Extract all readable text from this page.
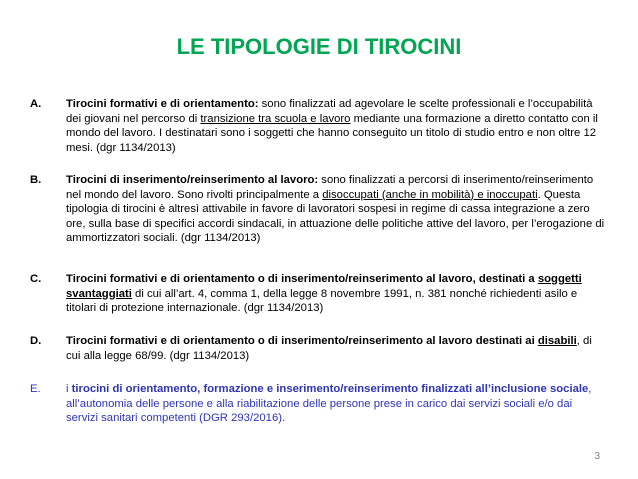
LE TIPOLOGIE DI TIROCINI
A. Tirocini formativi e di orientamento: sono finalizzati ad agevolare le scelte professionali e l’occupabilità dei giovani nel percorso di transizione tra scuola e lavoro mediante una formazione a diretto contatto con il mondo del lavoro. I destinatari sono i soggetti che hanno conseguito un titolo di studio entro e non oltre 12 mesi. (dgr 1134/2013)
B. Tirocini di inserimento/reinserimento al lavoro: sono finalizzati a percorsi di inserimento/reinserimento nel mondo del lavoro. Sono rivolti principalmente a disoccupati (anche in mobilità) e inoccupati. Questa tipologia di tirocini è altresì attivabile in favore di lavoratori sospesi in regime di cassa integrazione a zero ore, sulla base di specifici accordi sindacali, in attuazione delle politiche attive del lavoro, per l’erogazione di ammortizzatori sociali. (dgr 1134/2013)
C. Tirocini formativi e di orientamento o di inserimento/reinserimento al lavoro, destinati a soggetti svantaggiati di cui all’art. 4, comma 1, della legge 8 novembre 1991, n. 381 nonché richiedenti asilo e titolari di protezione internazionale. (dgr 1134/2013)
D. Tirocini formativi e di orientamento o di inserimento/reinserimento al lavoro destinati ai disabili, di cui alla legge 68/99. (dgr 1134/2013)
E. i tirocini di orientamento, formazione e inserimento/reinserimento finalizzati all’inclusione sociale, all’autonomia delle persone e alla riabilitazione delle persone prese in carico dai servizi sociali e/o dai servizi sanitari competenti (DGR 293/2016).
3
